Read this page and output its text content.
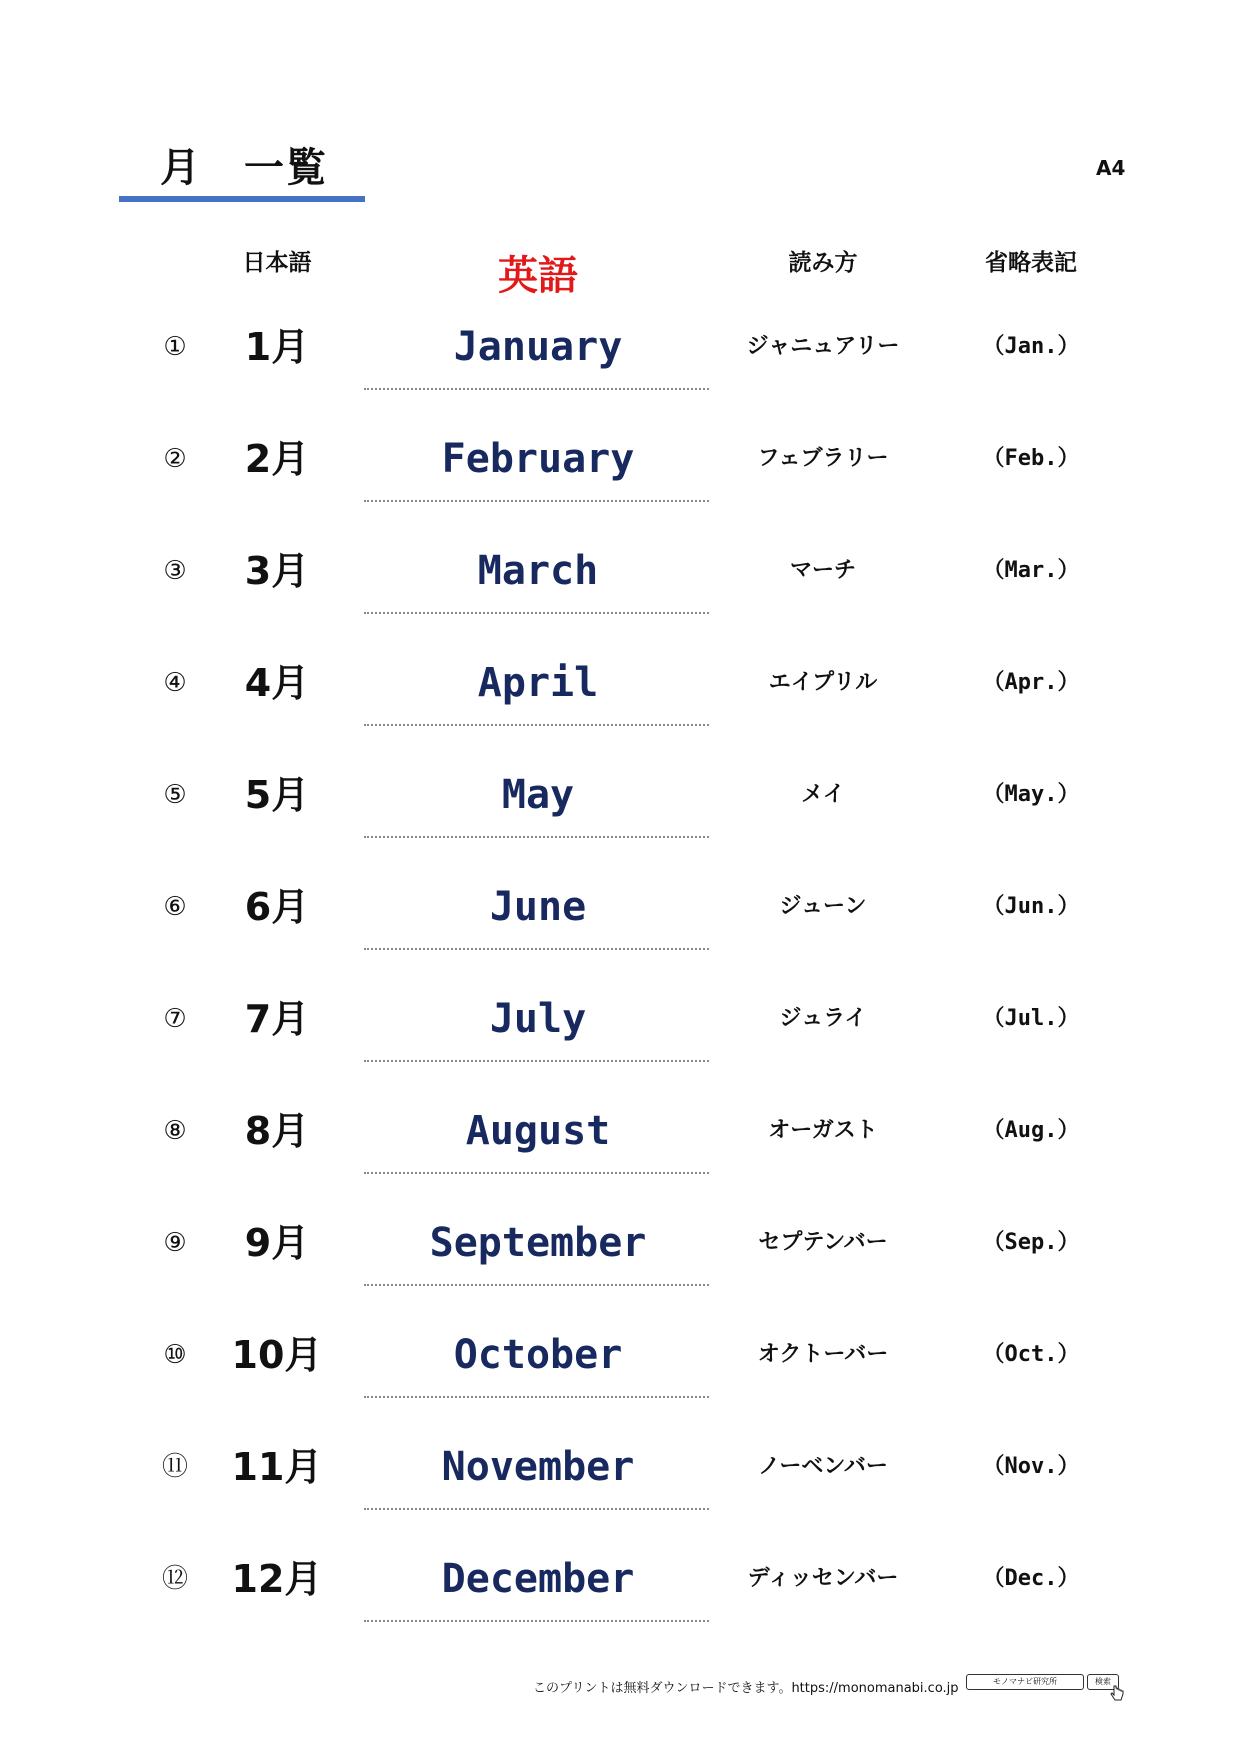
月　一覧	A4
日本語	英語	読み方	省略表記
① 1月	January	ジャニュアリー	（Jan.）
② 2月	February	フェブラリー	（Feb.）
③ 3月	March	マーチ	（Mar.）
④ 4月	April	エイプリル	（Apr.）
⑤ 5月	May	メイ	（May.）
⑥ 6月	June	ジューン	（Jun.）
⑦ 7月	July	ジュライ	（Jul.）
⑧ 8月	August	オーガスト	（Aug.）
⑨ 9月	September	セプテンバー	（Sep.）
⑩ 10月	October	オクトーバー	（Oct.）
⑪ 11月	November	ノーベンバー	（Nov.）
⑫ 12月	December	ディッセンバー	（Dec.）
このプリントは無料ダウンロードできます。https://monomanabi.co.jp	モノマナビ研究所	検索
